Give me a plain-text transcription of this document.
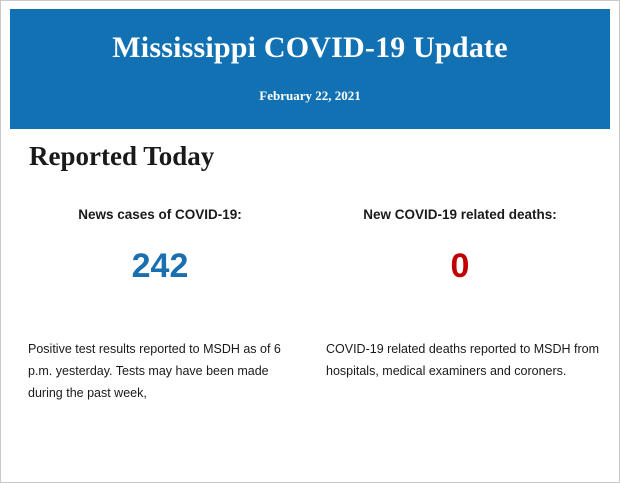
Mississippi COVID-19 Update

February 22, 2021

Reported Today
News cases of COVID-19:
242
New COVID-19 related deaths:
0
Positive test results reported to MSDH as of 6 p.m. yesterday. Tests may have been made during the past week,
COVID-19 related deaths reported to MSDH from hospitals, medical examiners and coroners.
